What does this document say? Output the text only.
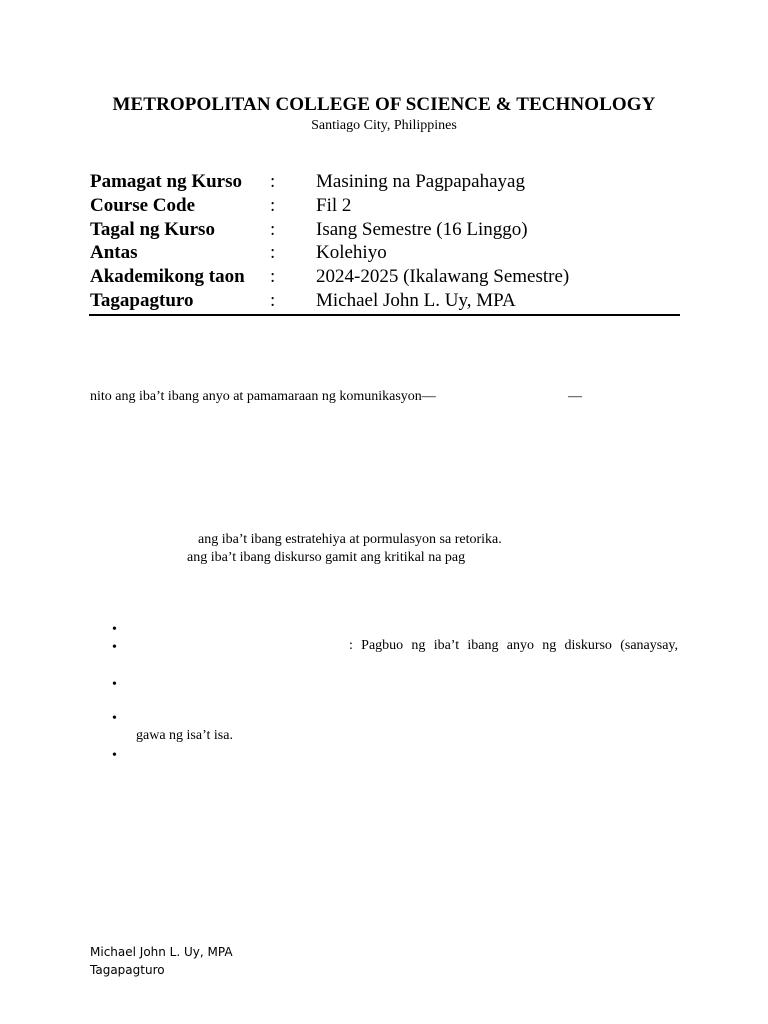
METROPOLITAN COLLEGE OF SCIENCE & TECHNOLOGY
Santiago City, Philippines
Pamagat ng Kurso : Masining na Pagpapahayag
Course Code	: Fil 2
Tagal ng Kurso	: Isang Semestre (16 Linggo)
Antas	: Kolehiyo
Akademikong taon : 2024-2025 (Ikalawang Semestre)
Tagapagturo	: Michael John L. Uy, MPA
nito ang iba’t ibang anyo at pamamaraan ng komunikasyon—	—
ang iba’t ibang estratehiya at pormulasyon sa retorika.
ang iba’t ibang diskurso gamit ang kritikal na pag
•
•	: Pagbuo ng iba’t ibang anyo ng diskurso (sanaysay,
•
•
gawa ng isa’t isa.
•
Michael John L. Uy, MPA
Tagapagturo
